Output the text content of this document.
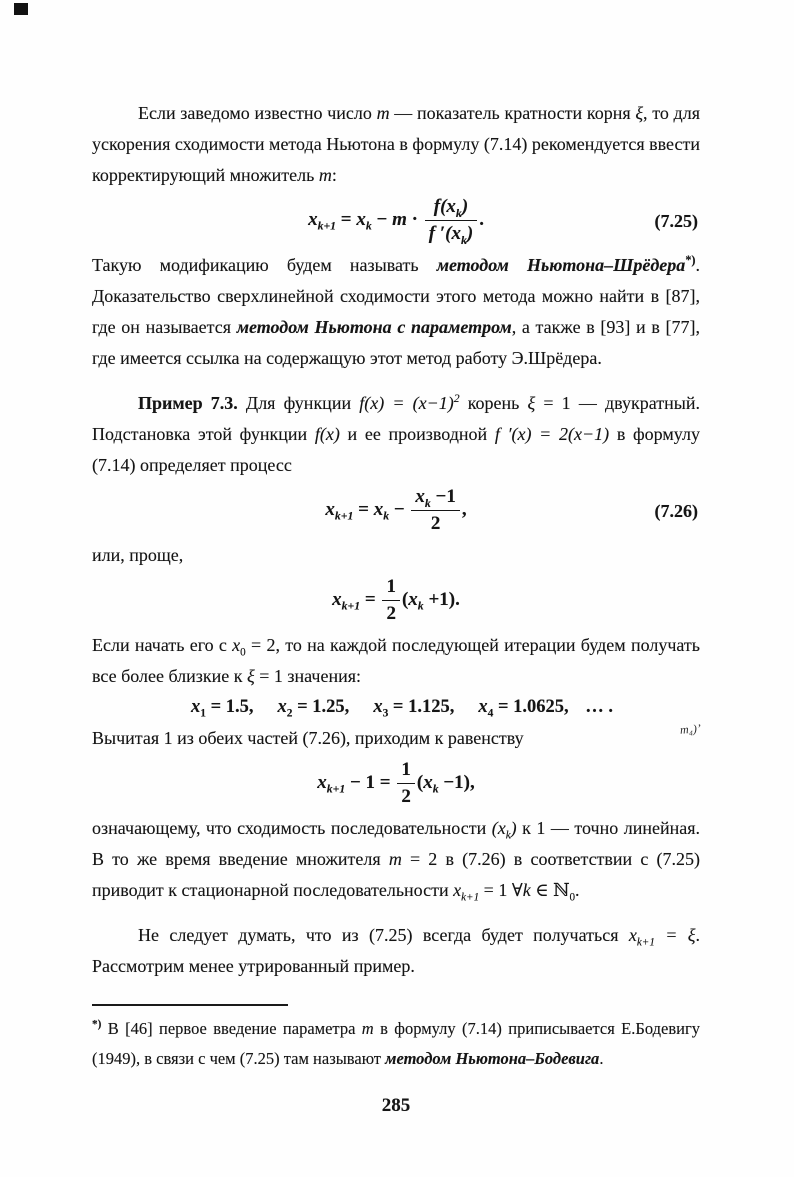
т₄)’

Если заведомо известно число m — показатель кратности корня ξ, то для ускорения сходимости метода Ньютона в формулу (7.14) рекомендуется ввести корректирующий множитель m:

$x_{k+1} = x_k - m \cdot \frac{f(x_k)}{f '(x_k)}$ .	(7.25)

Такую модификацию будем называть методом Ньютона–Шрёдера*). Доказательство сверхлинейной сходимости этого метода можно найти в [87], где он называется методом Ньютона с параметром, а также в [93] и в [77], где имеется ссылка на содержащую этот метод работу Э.Шрёдера.

Пример 7.3. Для функции $f(x) = (x-1)^2$ корень ξ = 1 — двукратный. Подстановка этой функции f(x) и ее производной f ′(x) = 2(x−1) в формулу (7.14) определяет процесс

$x_{k+1} = x_k - \frac{x_k -1}{2}$ ,	(7.26)

или, проще,

$x_{k+1} = \frac{1}{2} (x_k +1)$.

Если начать его с $x_0 = 2$, то на каждой последующей итерации будем получать все более близкие к ξ = 1 значения:

$x_1 = 1.5$, $x_2 = 1.25$, $x_3 = 1.125$, $x_4 = 1.0625$, … .

Вычитая 1 из обеих частей (7.26), приходим к равенству

$x_{k+1} - 1 = \frac{1}{2} (x_k -1)$,

означающему, что сходимость последовательности $(x_k)$ к 1 — точно линейная. В то же время введение множителя m = 2 в (7.26) в соответствии с (7.25) приводит к стационарной последовательности $x_{k+1} = 1$ ∀k ∈ ℕ$_0$.

Не следует думать, что из (7.25) всегда будет получаться $x_{k+1} = \xi$. Рассмотрим менее утрированный пример.

*) В [46] первое введение параметра m в формулу (7.14) приписывается Е.Бодевигу (1949), в связи с чем (7.25) там называют методом Ньютона–Бодевига.

285
